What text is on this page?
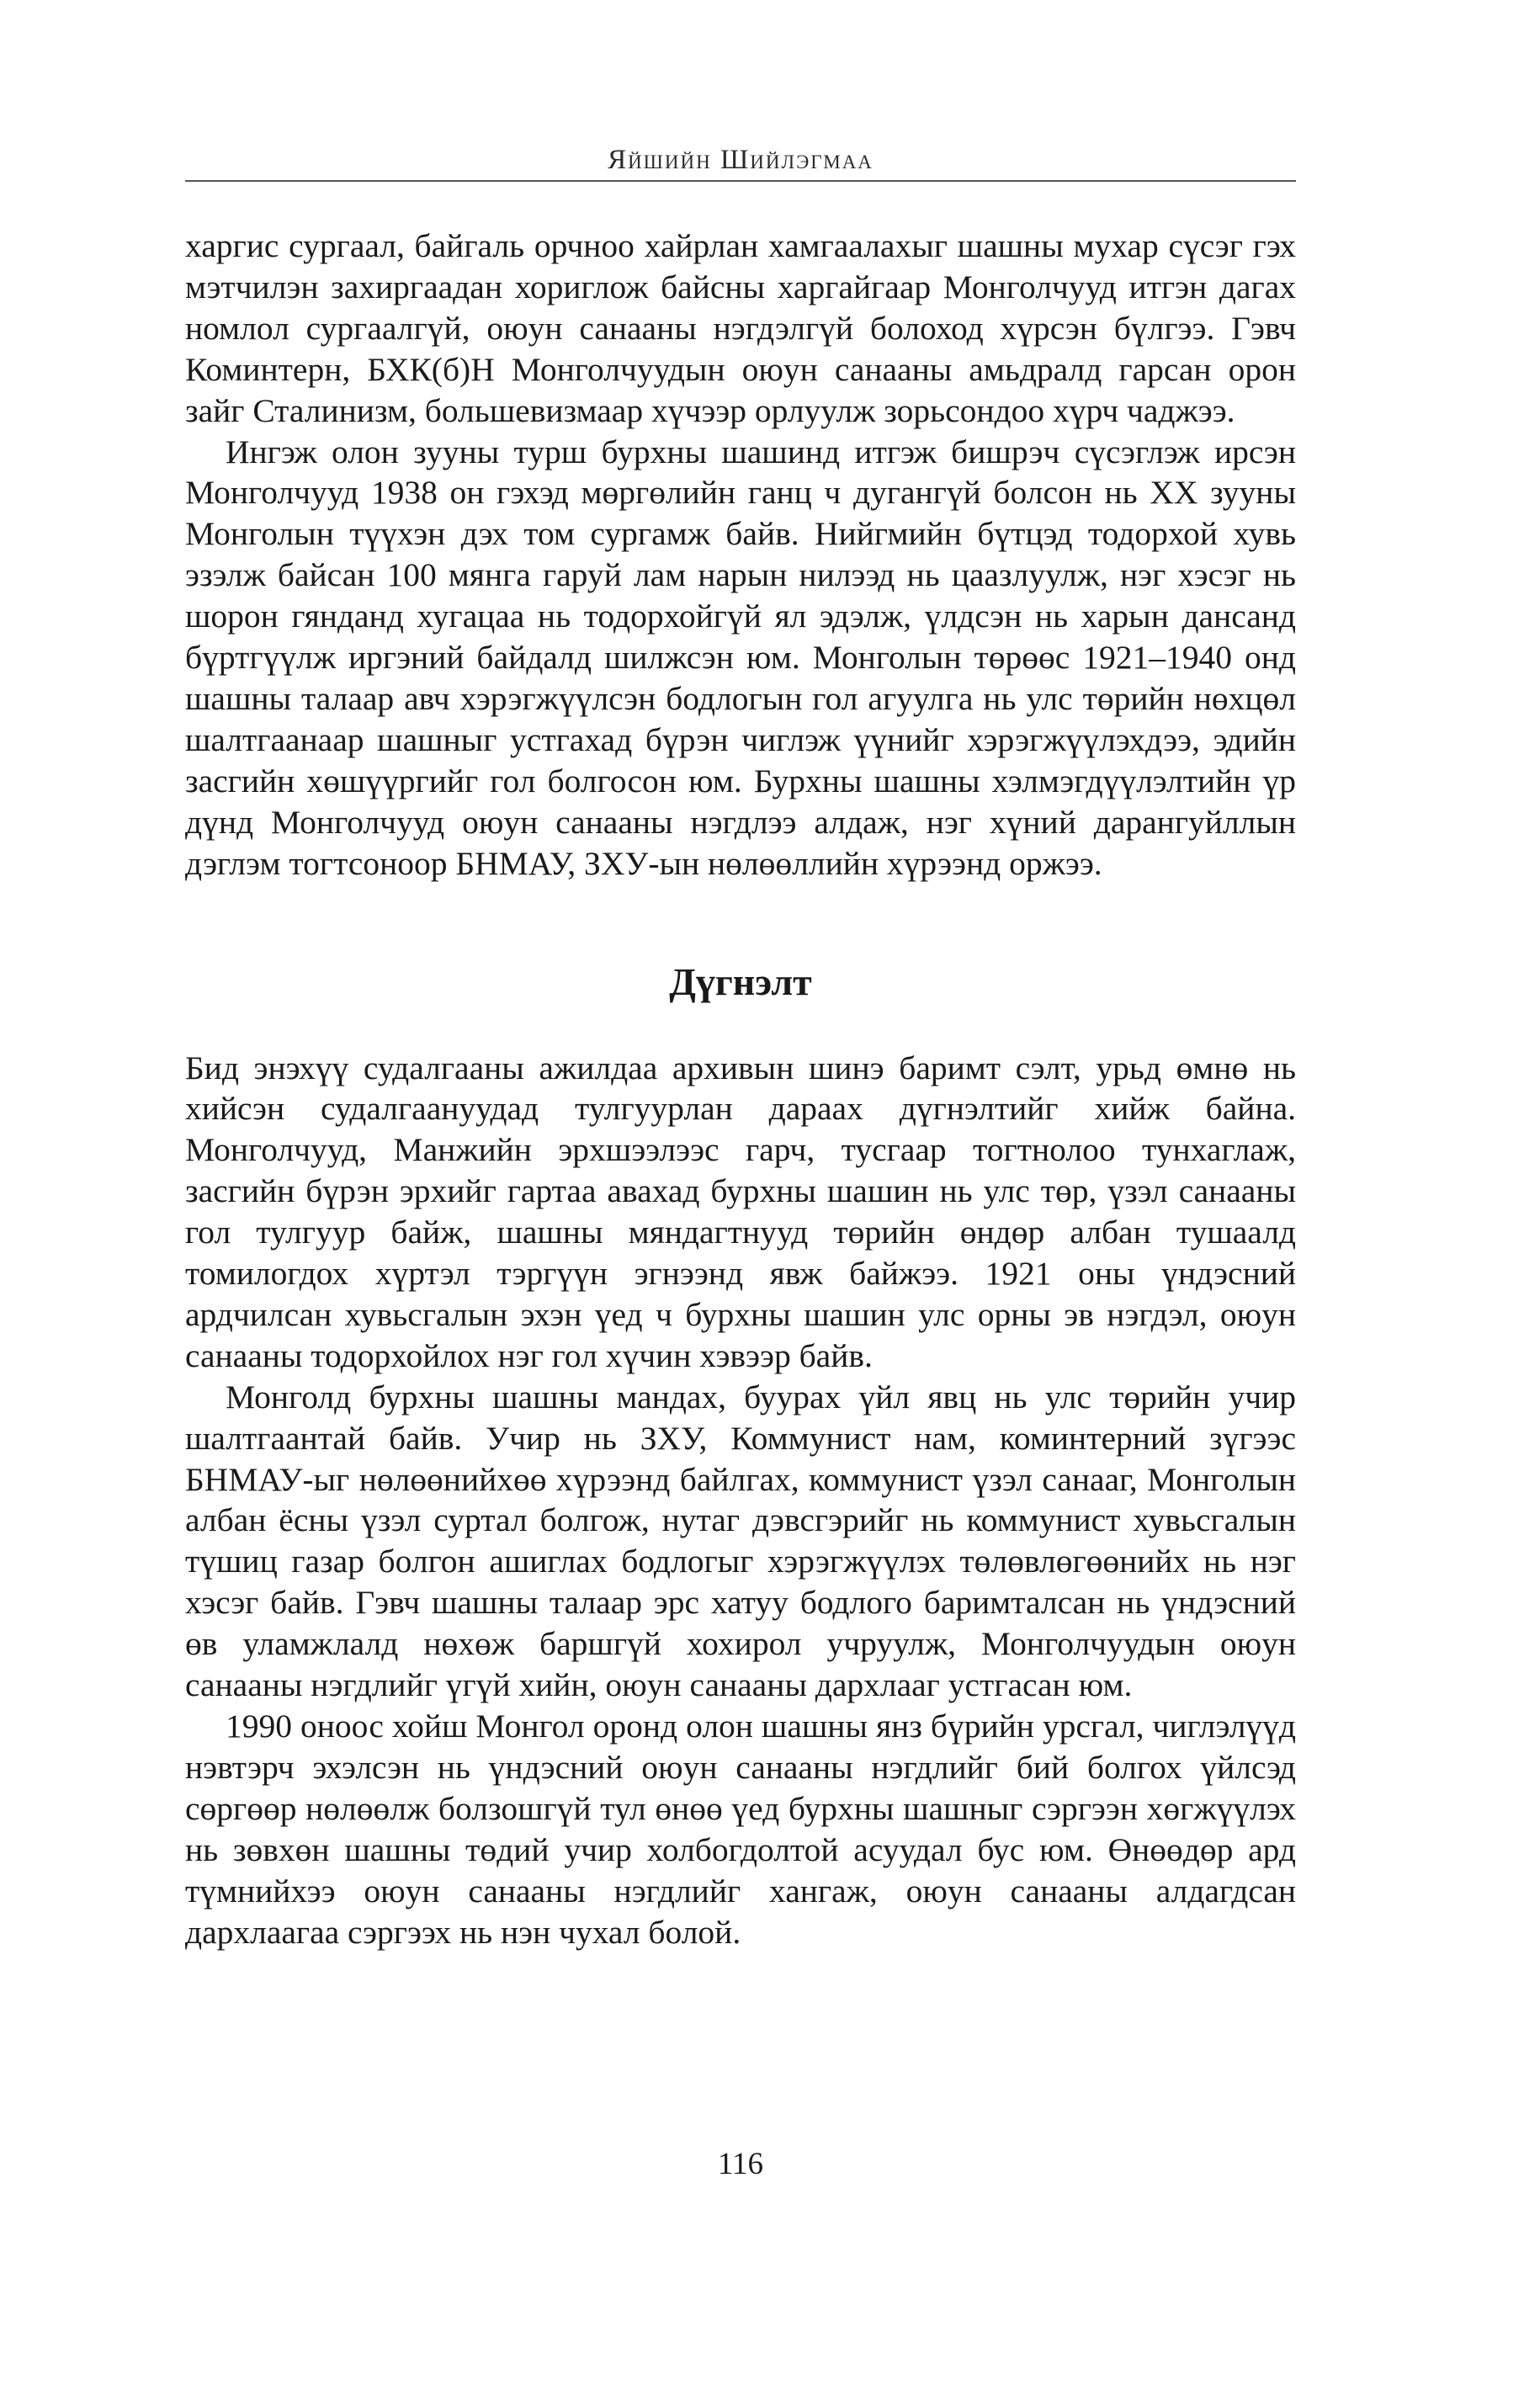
Яйшийн Шийлэгмаа

харгис сургаал, байгаль орчноо хайрлан хамгаалахыг шашны мухар сүсэг гэх мэтчилэн захиргаадан хориглож байсны харгайгаар Монголчууд итгэн дагах номлол сургаалгүй, оюун санааны нэгдэлгүй болоход хүрсэн бүлгээ. Гэвч Коминтерн, БХК(б)Н Монголчуудын оюун санааны амьдралд гарсан орон зайг Сталинизм, большевизмаар хүчээр орлуулж зорьсондоо хүрч чаджээ.

Ингэж олон зууны турш бурхны шашинд итгэж бишрэч сүсэглэж ирсэн Монголчууд 1938 он гэхэд мөргөлийн ганц ч дугангүй болсон нь XX зууны Монголын түүхэн дэх том сургамж байв. Нийгмийн бүтцэд тодорхой хувь эзэлж байсан 100 мянга гаруй лам нарын нилээд нь цаазлуулж, нэг хэсэг нь шорон гянданд хугацаа нь тодорхойгүй ял эдэлж, үлдсэн нь харын дансанд бүртгүүлж иргэний байдалд шилжсэн юм. Монголын төрөөс 1921–1940 онд шашны талаар авч хэрэгжүүлсэн бодлогын гол агуулга нь улс төрийн нөхцөл шалтгаанаар шашныг устгахад бүрэн чиглэж үүнийг хэрэгжүүлэхдээ, эдийн засгийн хөшүүргийг гол болгосон юм. Бурхны шашны хэлмэгдүүлэлтийн үр дүнд Монголчууд оюун санааны нэгдлээ алдаж, нэг хүний дарангуйллын дэглэм тогтсоноор БНМАУ, ЗХУ-ын нөлөөллийн хүрээнд оржээ.

Дүгнэлт

Бид энэхүү судалгааны ажилдаа архивын шинэ баримт сэлт, урьд өмнө нь хийсэн судалгаануудад тулгуурлан дараах дүгнэлтийг хийж байна. Монголчууд, Манжийн эрхшээлээс гарч, тусгаар тогтнолоо тунхаглаж, засгийн бүрэн эрхийг гартаа авахад бурхны шашин нь улс төр, үзэл санааны гол тулгуур байж, шашны мяндагтнууд төрийн өндөр албан тушаалд томилогдох хүртэл тэргүүн эгнээнд явж байжээ. 1921 оны үндэсний ардчилсан хувьсгалын эхэн үед ч бурхны шашин улс орны эв нэгдэл, оюун санааны тодорхойлох нэг гол хүчин хэвээр байв.

Монголд бурхны шашны мандах, буурах үйл явц нь улс төрийн учир шалтгаантай байв. Учир нь ЗХУ, Коммунист нам, коминтерний зүгээс БНМАУ-ыг нөлөөнийхөө хүрээнд байлгах, коммунист үзэл санааг, Монголын албан ёсны үзэл суртал болгож, нутаг дэвсгэрийг нь коммунист хувьсгалын түшиц газар болгон ашиглах бодлогыг хэрэгжүүлэх төлөвлөгөөнийх нь нэг хэсэг байв. Гэвч шашны талаар эрс хатуу бодлого баримталсан нь үндэсний өв уламжлалд нөхөж баршгүй хохирол учруулж, Монголчуудын оюун санааны нэгдлийг үгүй хийн, оюун санааны дархлааг устгасан юм.

1990 оноос хойш Монгол оронд олон шашны янз бүрийн урсгал, чиглэлүүд нэвтэрч эхэлсэн нь үндэсний оюун санааны нэгдлийг бий болгох үйлсэд сөргөөр нөлөөлж болзошгүй тул өнөө үед бурхны шашныг сэргээн хөгжүүлэх нь зөвхөн шашны төдий учир холбогдолтой асуудал бус юм. Өнөөдөр ард түмнийхээ оюун санааны нэгдлийг хангаж, оюун санааны алдагдсан дархлаагаа сэргээх нь нэн чухал болой.

116
